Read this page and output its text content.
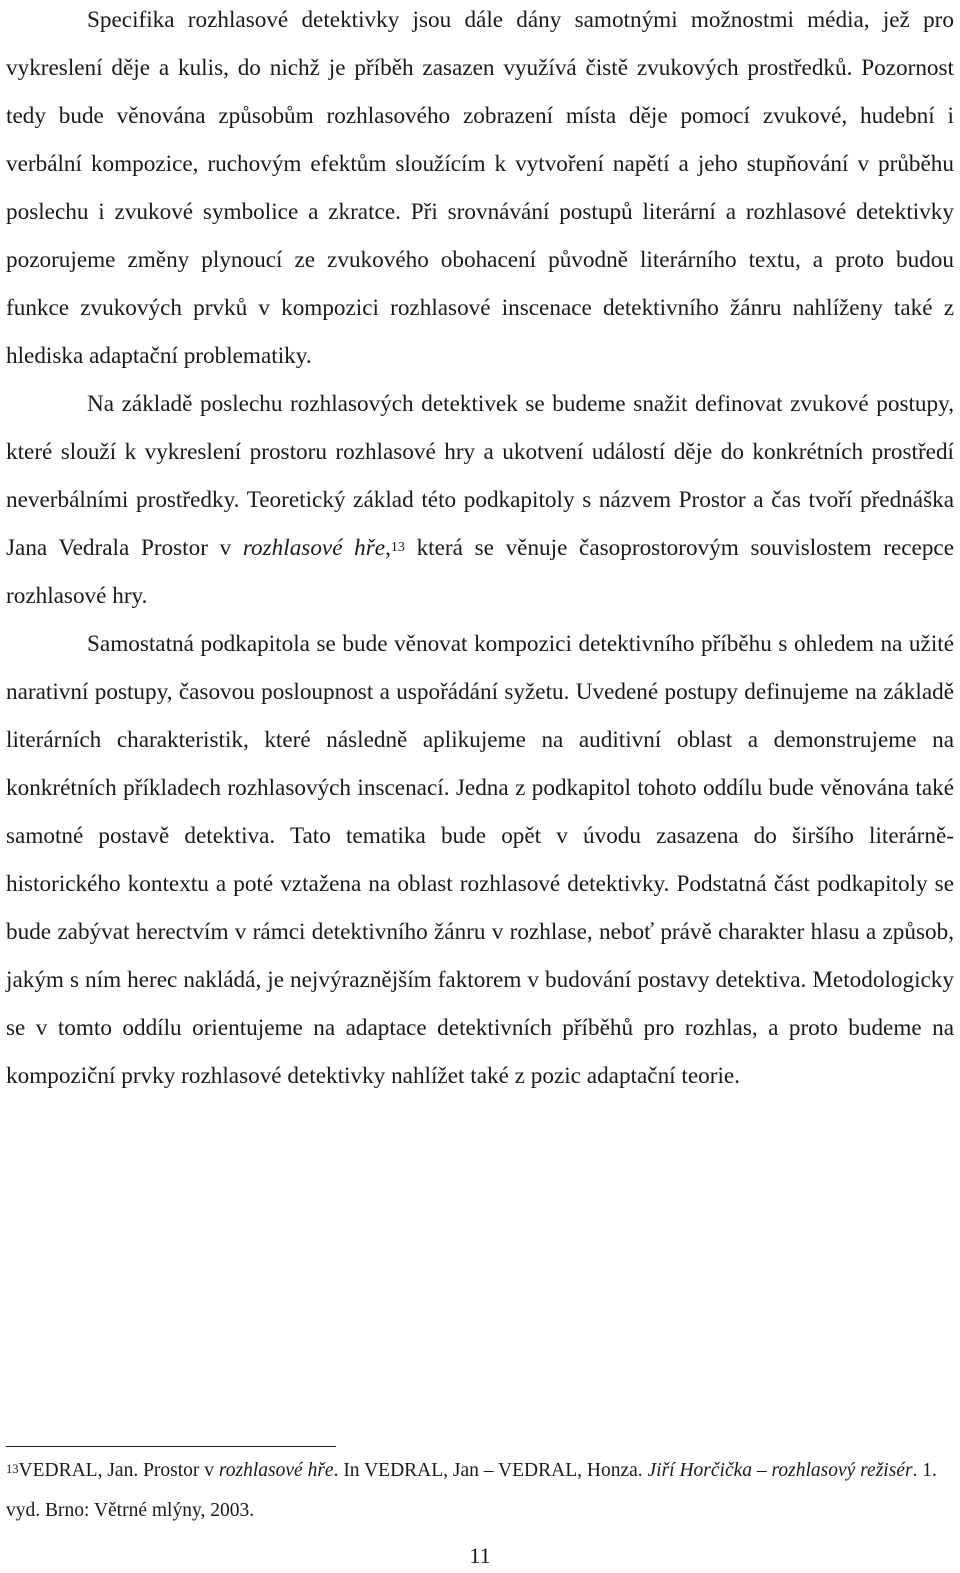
Specifika rozhlasové detektivky jsou dále dány samotnými možnostmi média, jež pro vykreslení děje a kulis, do nichž je příběh zasazen využívá čistě zvukových prostředků. Pozornost tedy bude věnována způsobům rozhlasového zobrazení místa děje pomocí zvukové, hudební i verbální kompozice, ruchovým efektům sloužícím k vytvoření napětí a jeho stupňování v průběhu poslechu i zvukové symbolice a zkratce. Při srovnávání postupů literární a rozhlasové detektivky pozorujeme změny plynoucí ze zvukového obohacení původně literárního textu, a proto budou funkce zvukových prvků v kompozici rozhlasové inscenace detektivního žánru nahlíženy také z hlediska adaptační problematiky.

Na základě poslechu rozhlasových detektivek se budeme snažit definovat zvukové postupy, které slouží k vykreslení prostoru rozhlasové hry a ukotvení událostí děje do konkrétních prostředí neverbálními prostředky. Teoretický základ této podkapitoly s názvem Prostor a čas tvoří přednáška Jana Vedrala Prostor v rozhlasové hře,$^{13}$ která se věnuje časoprostorovým souvislostem recepce rozhlasové hry.

Samostatná podkapitola se bude věnovat kompozici detektivního příběhu s ohledem na užité narativní postupy, časovou posloupnost a uspořádání syžetu. Uvedené postupy definujeme na základě literárních charakteristik, které následně aplikujeme na auditivní oblast a demonstrujeme na konkrétních příkladech rozhlasových inscenací. Jedna z podkapitol tohoto oddílu bude věnována také samotné postavě detektiva. Tato tematika bude opět v úvodu zasazena do širšího literárně-historického kontextu a poté vztažena na oblast rozhlasové detektivky. Podstatná část podkapitoly se bude zabývat herectvím v rámci detektivního žánru v rozhlase, neboť právě charakter hlasu a způsob, jakým s ním herec nakládá, je nejvýraznějším faktorem v budování postavy detektiva. Metodologicky se v tomto oddílu orientujeme na adaptace detektivních příběhů pro rozhlas, a proto budeme na kompoziční prvky rozhlasové detektivky nahlížet také z pozic adaptační teorie.

$^{13}$VEDRAL, Jan. Prostor v rozhlasové hře. In VEDRAL, Jan – VEDRAL, Honza. Jiří Horčička – rozhlasový režisér. 1. vyd. Brno: Větrné mlýny, 2003.

11
